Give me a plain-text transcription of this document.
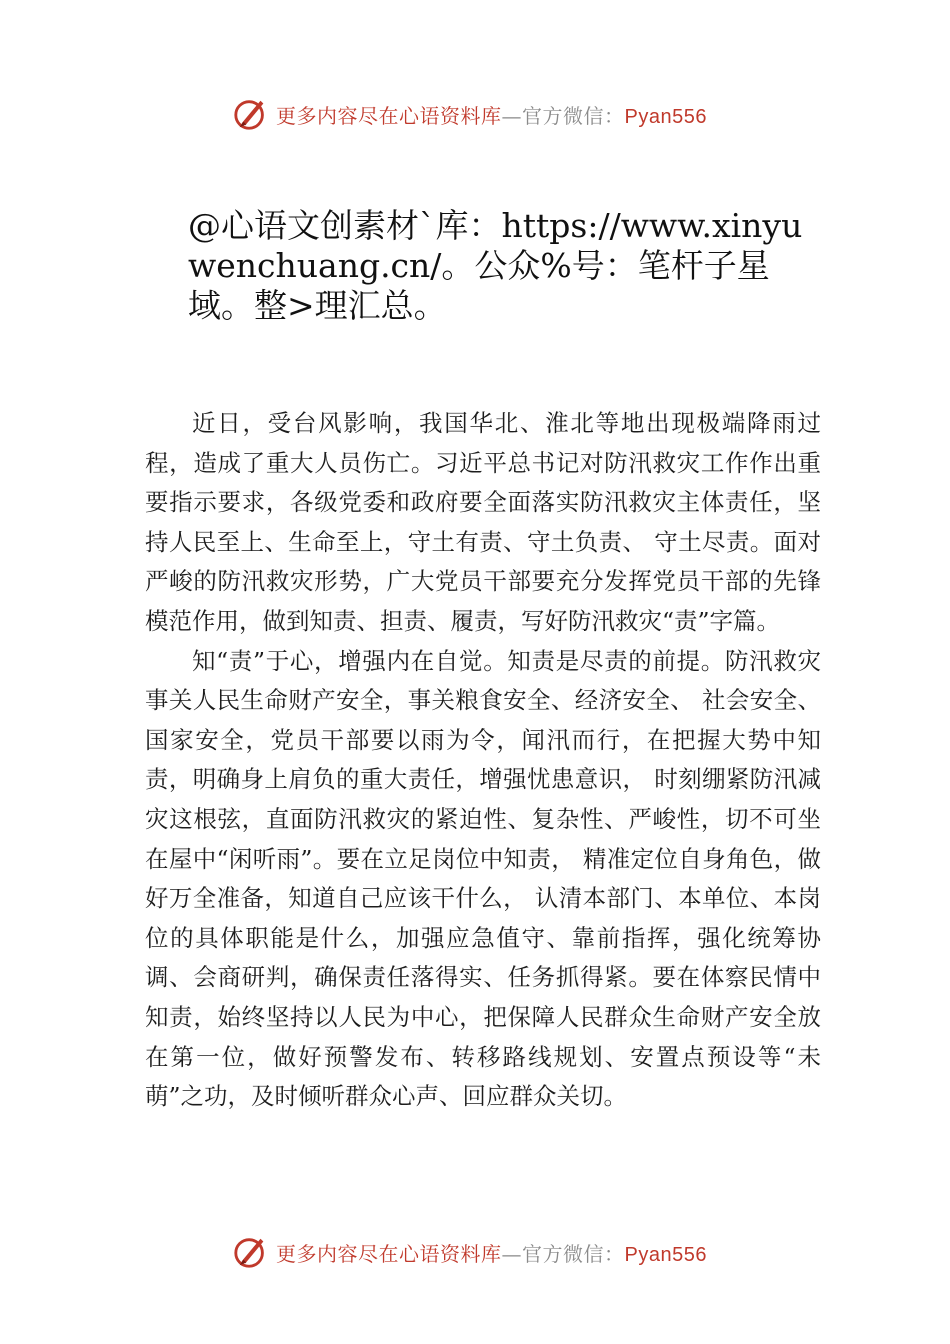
更多内容尽在心语资料库—官方微信：Pyan556
@心语文创素材`库：https://www.xinyuwenchuang.cn/。公众%号：笔杆子星域。整>理汇总。

近日，受台风影响，我国华北、淮北等地出现极端降雨过程，造成了重大人员伤亡。习近平总书记对防汛救灾工作作出重要指示要求，各级党委和政府要全面落实防汛救灾主体责任，坚持人民至上、生命至上，守土有责、守土负责、 守土尽责。面对严峻的防汛救灾形势，广大党员干部要充分发挥党员干部的先锋模范作用，做到知责、担责、履责，写好防汛救灾“责”字篇。

知“责”于心，增强内在自觉。知责是尽责的前提。防汛救灾事关人民生命财产安全，事关粮食安全、经济安全、 社会安全、国家安全，党员干部要以雨为令，闻汛而行，在把握大势中知责，明确身上肩负的重大责任，增强忧患意识， 时刻绷紧防汛减灾这根弦，直面防汛救灾的紧迫性、复杂性、严峻性，切不可坐在屋中“闲听雨”。要在立足岗位中知责， 精准定位自身角色，做好万全准备，知道自己应该干什么， 认清本部门、本单位、本岗位的具体职能是什么，加强应急值守、靠前指挥，强化统筹协调、会商研判，确保责任落得实、任务抓得紧。要在体察民情中知责，始终坚持以人民为中心，把保障人民群众生命财产安全放在第一位，做好预警发布、转移路线规划、安置点预设等“未萌”之功，及时倾听群众心声、回应群众关切。

更多内容尽在心语资料库—官方微信：Pyan556
